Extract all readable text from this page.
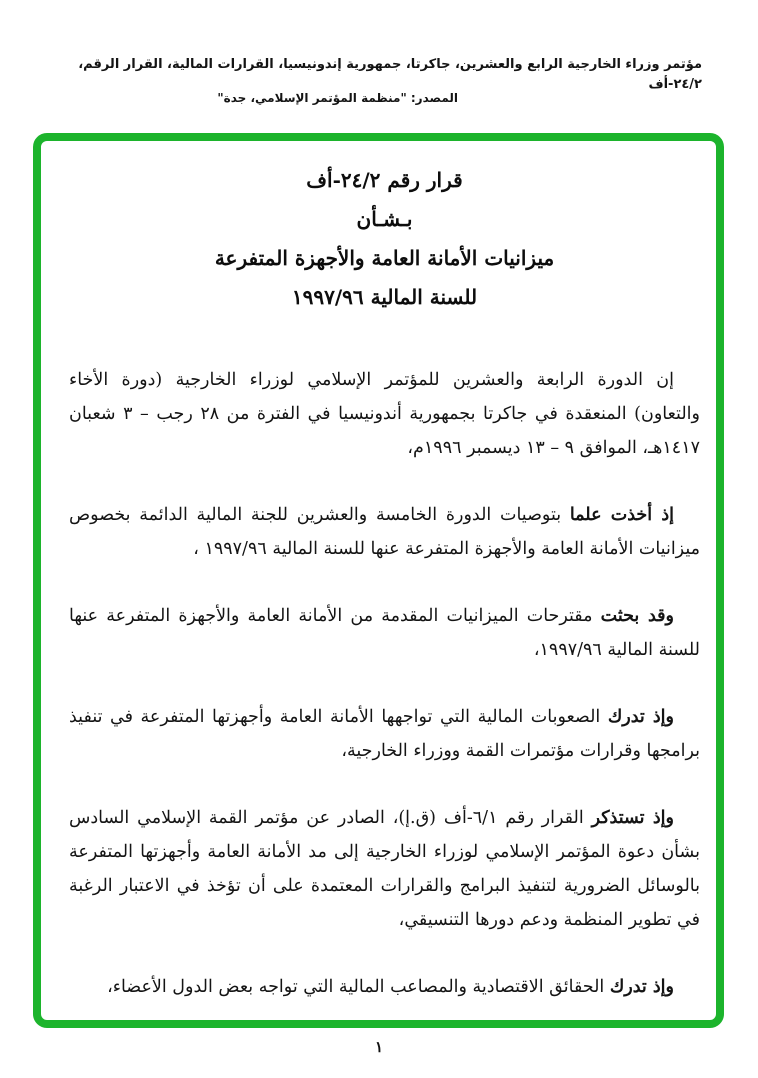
مؤتمر وزراء الخارجية الرابع والعشرين، جاكرتا، جمهورية إندونيسيا، القرارات المالية، القرار الرقم، ٢٤/٢-أف
المصدر: "منظمة المؤتمر الإسلامي، جدة"
قرار رقم ٢٤/٢-أف
بـشـأن
ميزانيات الأمانة العامة والأجهزة المتفرعة
للسنة المالية ١٩٩٧/٩٦

إن الدورة الرابعة والعشرين للمؤتمر الإسلامي لوزراء الخارجية (دورة الأخاء والتعاون) المنعقدة في جاكرتا بجمهورية أندونيسيا في الفترة من ٢٨ رجب – ٣ شعبان ١٤١٧هـ، الموافق ٩ – ١٣ ديسمبر ١٩٩٦م،

إذ أخذت علما بتوصيات الدورة الخامسة والعشرين للجنة المالية الدائمة بخصوص ميزانيات الأمانة العامة والأجهزة المتفرعة عنها للسنة المالية ١٩٩٧/٩٦ ،

وقد بحثت مقترحات الميزانيات المقدمة من الأمانة العامة والأجهزة المتفرعة عنها للسنة المالية ١٩٩٧/٩٦،

وإذ تدرك الصعوبات المالية التي تواجهها الأمانة العامة وأجهزتها المتفرعة في تنفيذ برامجها وقرارات مؤتمرات القمة ووزراء الخارجية،

وإذ تستذكر القرار رقم ٦/١-أف (ق.إ)، الصادر عن مؤتمر القمة الإسلامي السادس بشأن دعوة المؤتمر الإسلامي لوزراء الخارجية إلى مد الأمانة العامة وأجهزتها المتفرعة بالوسائل الضرورية لتنفيذ البرامج والقرارات المعتمدة على أن تؤخذ في الاعتبار الرغبة في تطوير المنظمة ودعم دورها التنسيقي،

وإذ تدرك الحقائق الاقتصادية والمصاعب المالية التي تواجه بعض الدول الأعضاء،

١
